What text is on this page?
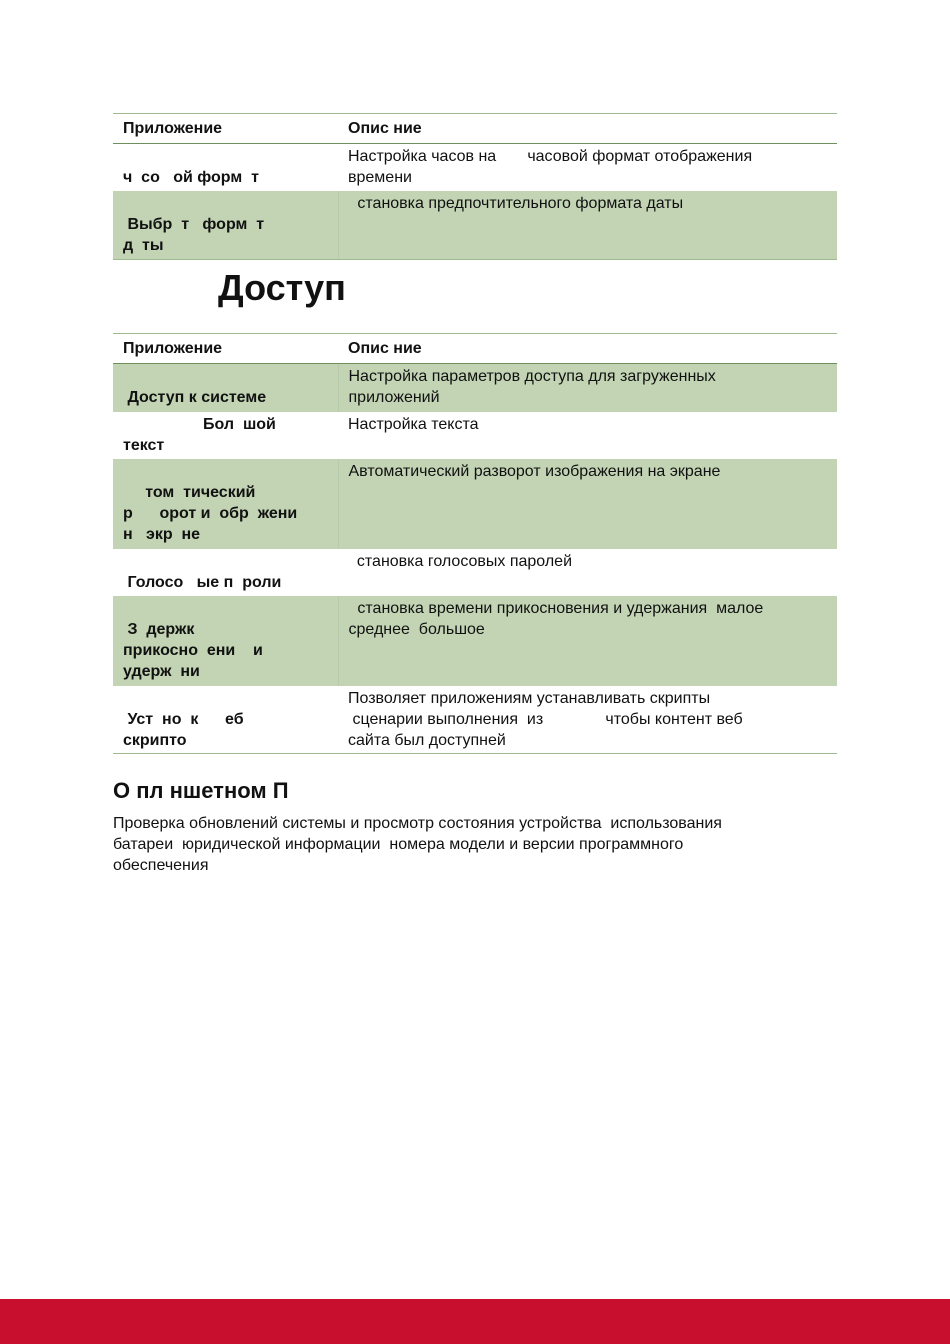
Приложение	Опис ние

ч  со   ой форм  т	Настройка часов на       часовой формат отображения
времени

Выбр  т   форм  т
д  ты	становка предпочтительного формата даты
Доступ
Приложение	Опис ние

Доступ к системе	Настройка параметров доступа для загруженных
приложений
Бол  шой
текст	Настройка текста

том  тический
р      орот и  обр  жени
н   экр  не	Автоматический разворот изображения на экране

Голосо   ые п  роли	становка голосовых паролей

З  держк
прикосно  ени    и
удерж  ни	становка времени прикосновения и удержания  малое
среднее  большое

Уст  но  к      еб
скрипто	Позволяет приложениям устанавливать скрипты
сценарии выполнения  из              чтобы контент веб
сайта был доступней
О пл ншетном П

Проверка обновлений системы и просмотр состояния устройства  использования
батареи  юридической информации  номера модели и версии программного
обеспечения
